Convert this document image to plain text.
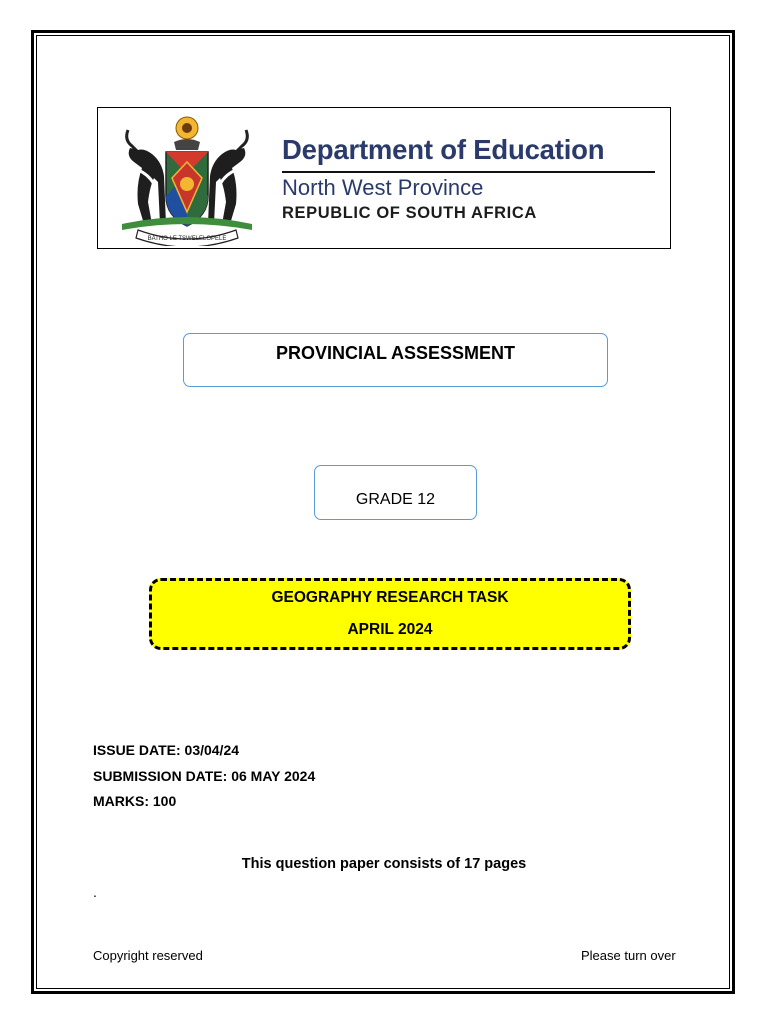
BATHO LE TSWELELOPELE
Department of Education
North West Province
REPUBLIC OF SOUTH AFRICA
PROVINCIAL ASSESSMENT
GRADE 12
GEOGRAPHY RESEARCH TASK
APRIL 2024
ISSUE DATE: 03/04/24
SUBMISSION DATE: 06 MAY 2024
MARKS: 100
This question paper consists of 17 pages
.
Copyright reserved	Please turn over
